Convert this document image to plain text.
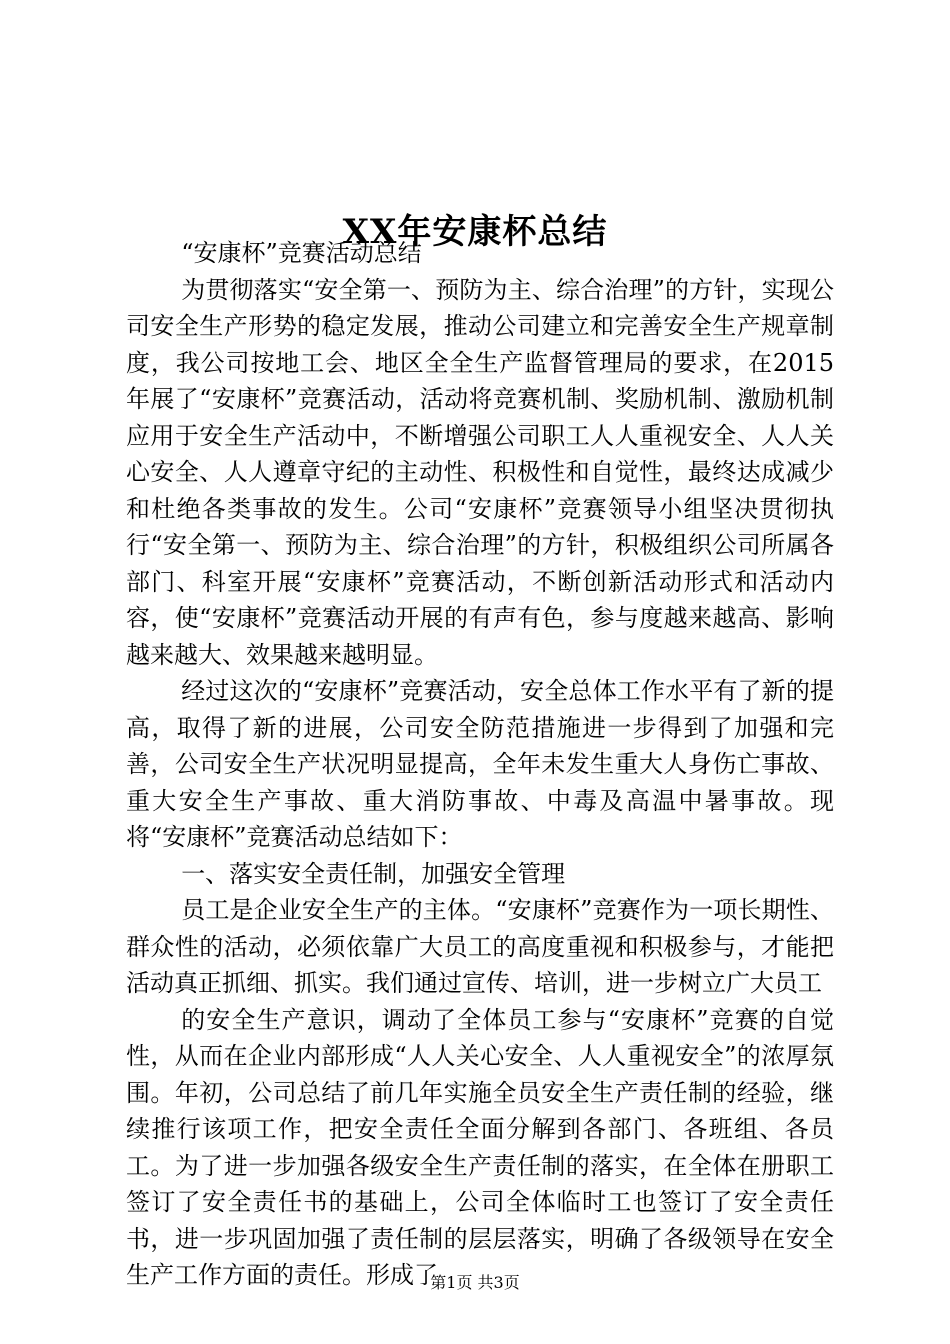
XX年安康杯总结

“安康杯”竞赛活动总结

为贯彻落实“安全第一、预防为主、综合治理”的方针，实现公司安全生产形势的稳定发展，推动公司建立和完善安全生产规章制度，我公司按地工会、地区全全生产监督管理局的要求，在2015年展了“安康杯”竞赛活动，活动将竞赛机制、奖励机制、激励机制应用于安全生产活动中，不断增强公司职工人人重视安全、人人关心安全、人人遵章守纪的主动性、积极性和自觉性，最终达成减少和杜绝各类事故的发生。公司“安康杯”竞赛领导小组坚决贯彻执行“安全第一、预防为主、综合治理”的方针，积极组织公司所属各部门、科室开展“安康杯”竞赛活动，不断创新活动形式和活动内容，使“安康杯”竞赛活动开展的有声有色，参与度越来越高、影响越来越大、效果越来越明显。

经过这次的“安康杯”竞赛活动，安全总体工作水平有了新的提高，取得了新的进展，公司安全防范措施进一步得到了加强和完善，公司安全生产状况明显提高，全年未发生重大人身伤亡事故、重大安全生产事故、重大消防事故、中毒及高温中暑事故。现将“安康杯”竞赛活动总结如下：

一、落实安全责任制，加强安全管理

员工是企业安全生产的主体。“安康杯”竞赛作为一项长期性、群众性的活动，必须依靠广大员工的高度重视和积极参与，才能把活动真正抓细、抓实。我们通过宣传、培训，进一步树立广大员工

的安全生产意识，调动了全体员工参与“安康杯”竞赛的自觉性，从而在企业内部形成“人人关心安全、人人重视安全”的浓厚氛围。年初，公司总结了前几年实施全员安全生产责任制的经验，继续推行该项工作，把安全责任全面分解到各部门、各班组、各员工。为了进一步加强各级安全生产责任制的落实，在全体在册职工签订了安全责任书的基础上，公司全体临时工也签订了安全责任书，进一步巩固加强了责任制的层层落实，明确了各级领导在安全生产工作方面的责任。形成了

第1页 共3页
